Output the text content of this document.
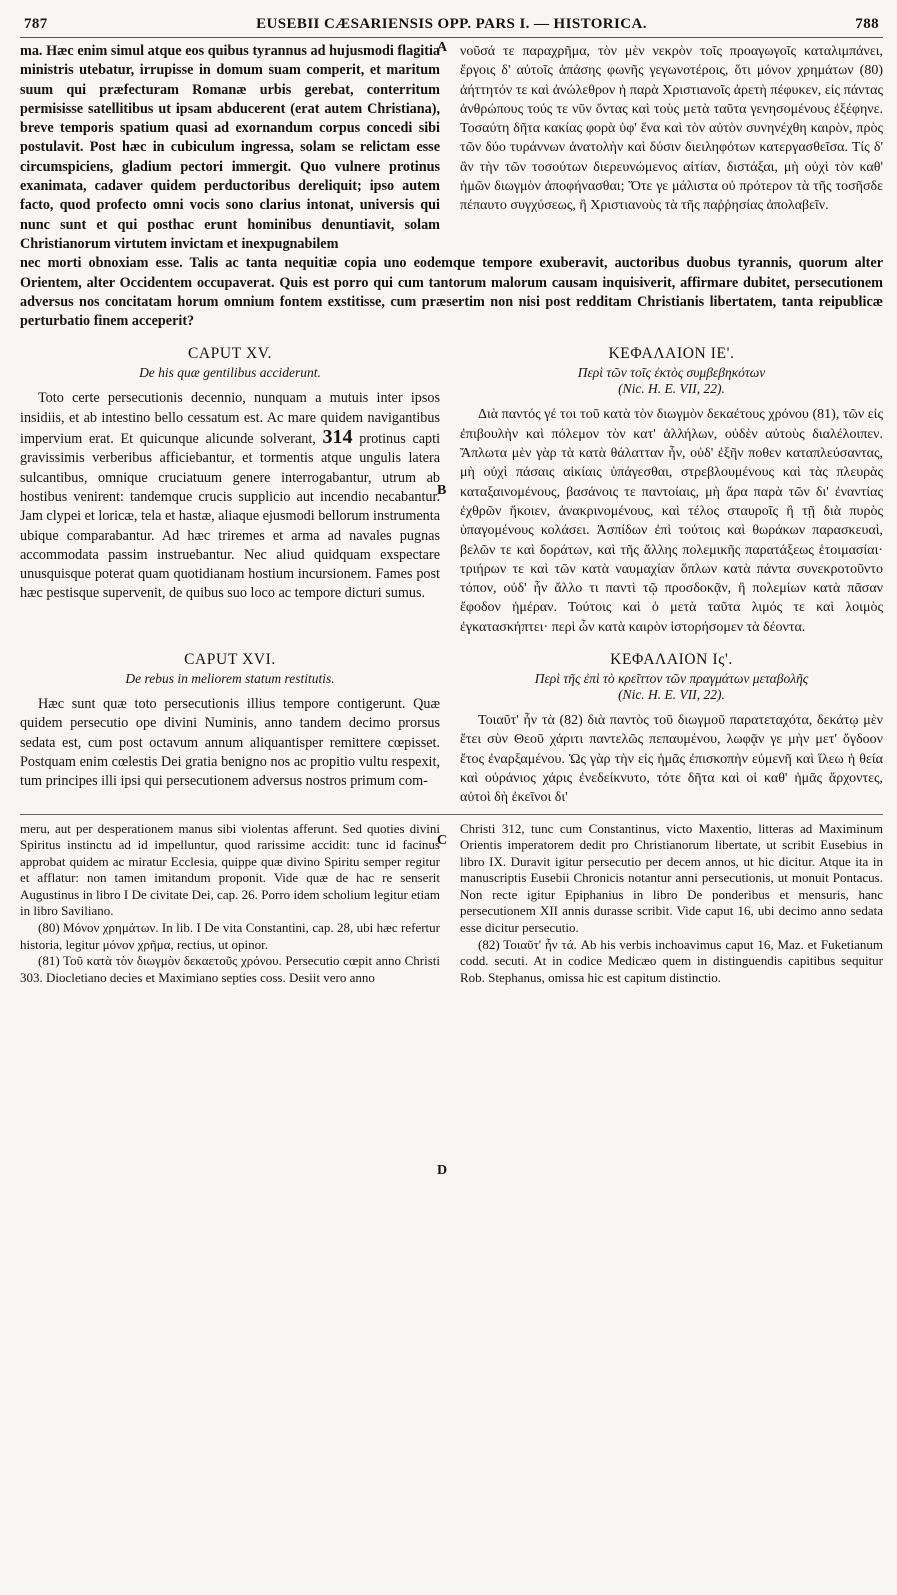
787	EUSEBII CÆSARIENSIS OPP. PARS I. — HISTORICA.	788
A
B
C
D

ma. Hæc enim simul atque eos quibus tyrannus ad hujusmodi flagitia ministris utebatur, irrupisse in domum suam comperit, et maritum suum qui præfecturam Romanæ urbis gerebat, conterritum permisisse satellitibus ut ipsam abducerent (erat autem Christiana), breve temporis spatium quasi ad exornandum corpus concedi sibi postulavit. Post hæc in cubiculum ingressa, solam se relictam esse circumspiciens, gladium pectori immergit. Quo vulnere protinus exanimata, cadaver quidem perductoribus dereliquit; ipso autem facto, quod profecto omni vocis sono clarius intonat, universis qui nunc sunt et qui posthac erunt hominibus denuntiavit, solam Christianorum virtutem invictam et inexpugnabilem

νοῦσά τε παραχρῆμα, τὸν μὲν νεκρὸν τοῖς προαγωγοῖς καταλιμπάνει, ἔργοις δ' αὐτοῖς ἁπάσης φωνῆς γεγωνοτέροις, ὅτι μόνον χρημάτων (80) ἀήττητόν τε καὶ ἀνώλεθρον ἡ παρὰ Χριστιανοῖς ἀρετὴ πέφυκεν, εἰς πάντας ἀνθρώπους τούς τε νῦν ὄντας καὶ τοὺς μετὰ ταῦτα γενησομένους ἐξέφηνε. Τοσαύτη δῆτα κακίας φορὰ ὑφ' ἕνα καὶ τὸν αὐτὸν συνηνέχθη καιρὸν, πρὸς τῶν δύο τυράννων ἀνατολὴν καὶ δύσιν διειληφότων κατεργασθεῖσα. Τίς δ' ἂν τὴν τῶν τοσούτων διερευνώμενος αἰτίαν, διστάξαι, μὴ οὐχὶ τὸν καθ' ἡμῶν διωγμὸν ἀποφήνασθαι; Ὅτε γε μάλιστα οὐ πρότερον τὰ τῆς τοσῆσδε πέπαυτο συγχύσεως, ἢ Χριστιανοὺς τὰ τῆς παῤῥησίας ἀπολαβεῖν.

nec morti obnoxiam esse. Talis ac tanta nequitiæ copia uno eodemque tempore exuberavit, auctoribus duobus tyrannis, quorum alter Orientem, alter Occidentem occupaverat. Quis est porro qui cum tantorum malorum causam inquisiverit, affirmare dubitet, persecutionem adversus nos concitatam horum omnium fontem exstitisse, cum præsertim non nisi post redditam Christianis libertatem, tanta reipublicæ perturbatio finem acceperit?

CAPUT XV.
De his quæ gentilibus acciderunt.

Toto certe persecutionis decennio, nunquam a mutuis inter ipsos insidiis, et ab intestino bello cessatum est. Ac mare quidem navigantibus impervium erat. Et quicunque alicunde solverant, 314 protinus capti gravissimis verberibus afficiebantur, et tormentis atque ungulis latera sulcantibus, omnique cruciatuum genere interrogabantur, utrum ab hostibus venirent: tandemque crucis supplicio aut incendio necabantur. Jam clypei et loricæ, tela et hastæ, aliaque ejusmodi bellorum instrumenta ubique comparabantur. Ad hæc triremes et arma ad navales pugnas accommodata passim instruebantur. Nec aliud quidquam exspectare unusquisque poterat quam quotidianam hostium incursionem. Fames post hæc pestisque supervenit, de quibus suo loco ac tempore dicturi sumus.

ΚΕΦΑΛΑΙΟΝ ΙΕ'.
Περὶ τῶν τοῖς ἐκτὸς συμβεβηκότων
(Nic. H. E. VII, 22).

Διὰ παντός γέ τοι τοῦ κατὰ τὸν διωγμὸν δεκαέτους χρόνου (81), τῶν εἰς ἐπιβουλὴν καὶ πόλεμον τὸν κατ' ἀλλήλων, οὐδὲν αὐτοὺς διαλέλοιπεν. Ἄπλωτα μὲν γὰρ τὰ κατὰ θάλατταν ἦν, οὐδ' ἐξῆν ποθεν καταπλεύσαντας, μὴ οὐχὶ πάσαις αἰκίαις ὑπάγεσθαι, στρεβλουμένους καὶ τὰς πλευρὰς καταξαινομένους, βασάνοις τε παντοίαις, μὴ ἄρα παρὰ τῶν δι' ἐναντίας ἐχθρῶν ἥκοιεν, ἀνακρινομένους, καὶ τέλος σταυροῖς ἢ τῇ διὰ πυρὸς ὑπαγομένους κολάσει. Ἀσπίδων ἐπὶ τούτοις καὶ θωράκων παρασκευαὶ, βελῶν τε καὶ δοράτων, καὶ τῆς ἄλλης πολεμικῆς παρατάξεως ἑτοιμασίαι· τριήρων τε καὶ τῶν κατὰ ναυμαχίαν ὅπλων κατὰ πάντα συνεκροτοῦντο τόπον, οὐδ' ἦν ἄλλο τι παντὶ τῷ προσδοκᾷν, ἢ πολεμίων κατὰ πᾶσαν ἔφοδον ἡμέραν. Τούτοις καὶ ὁ μετὰ ταῦτα λιμός τε καὶ λοιμὸς ἐγκατασκήπτει· περὶ ὧν κατὰ καιρὸν ἱστορήσομεν τὰ δέοντα.

CAPUT XVI.
De rebus in meliorem statum restitutis.

Hæc sunt quæ toto persecutionis illius tempore contigerunt. Quæ quidem persecutio ope divini Numinis, anno tandem decimo prorsus sedata est, cum post octavum annum aliquantisper remittere cœpisset. Postquam enim cœlestis Dei gratia benigno nos ac propitio vultu respexit, tum principes illi ipsi qui persecutionem adversus nostros primum com-

ΚΕΦΑΛΑΙΟΝ Ις'.
Περὶ τῆς ἐπὶ τὸ κρεῖττον τῶν πραγμάτων μεταβολῆς
(Nic. H. E. VII, 22).

Τοιαῦτ' ἦν τὰ (82) διὰ παντὸς τοῦ διωγμοῦ παρατεταχότα, δεκάτῳ μὲν ἔτει σὺν Θεοῦ χάριτι παντελῶς πεπαυμένου, λωφᾷν γε μὴν μετ' ὄγδοον ἔτος ἐναρξαμένου. Ὡς γὰρ τὴν εἰς ἡμᾶς ἐπισκοπὴν εὐμενῆ καὶ ἵλεω ἡ θεία καὶ οὐράνιος χάρις ἐνεδείκνυτο, τότε δῆτα καὶ οἱ καθ' ἡμᾶς ἄρχοντες, αὐτοὶ δὴ ἐκεῖνοι δι'

meru, aut per desperationem manus sibi violentas afferunt. Sed quoties divini Spiritus instinctu ad id impelluntur, quod rarissime accidit: tunc id facinus approbat quidem ac miratur Ecclesia, quippe quæ divino Spiritu semper regitur et afflatur: non tamen imitandum proponit. Vide quæ de hac re senserit Augustinus in libro I De civitate Dei, cap. 26. Porro idem scholium legitur etiam in libro Saviliano.

(80) Μόνον χρημάτων. In lib. I De vita Constantini, cap. 28, ubi hæc refertur historia, legitur μόνον χρῆμα, rectius, ut opinor.

(81) Τοῦ κατὰ τὸν διωγμὸν δεκαετοῦς χρόνου. Persecutio cœpit anno Christi 303. Diocletiano decies et Maximiano septies coss. Desiit vero anno

Christi 312, tunc cum Constantinus, victo Maxentio, litteras ad Maximinum Orientis imperatorem dedit pro Christianorum libertate, ut scribit Eusebius in libro IX. Duravit igitur persecutio per decem annos, ut hic dicitur. Atque ita in manuscriptis Eusebii Chronicis notantur anni persecutionis, ut monuit Pontacus. Non recte igitur Epiphanius in libro De ponderibus et mensuris, hanc persecutionem XII annis durasse scribit. Vide caput 16, ubi decimo anno sedata esse dicitur persecutio.

(82) Τοιαῦτ' ἦν τά. Ab his verbis inchoavimus caput 16, Maz. et Fuketianum codd. secuti. At in codice Medicæo quem in distinguendis capitibus sequitur Rob. Stephanus, omissa hic est capitum distinctio.
